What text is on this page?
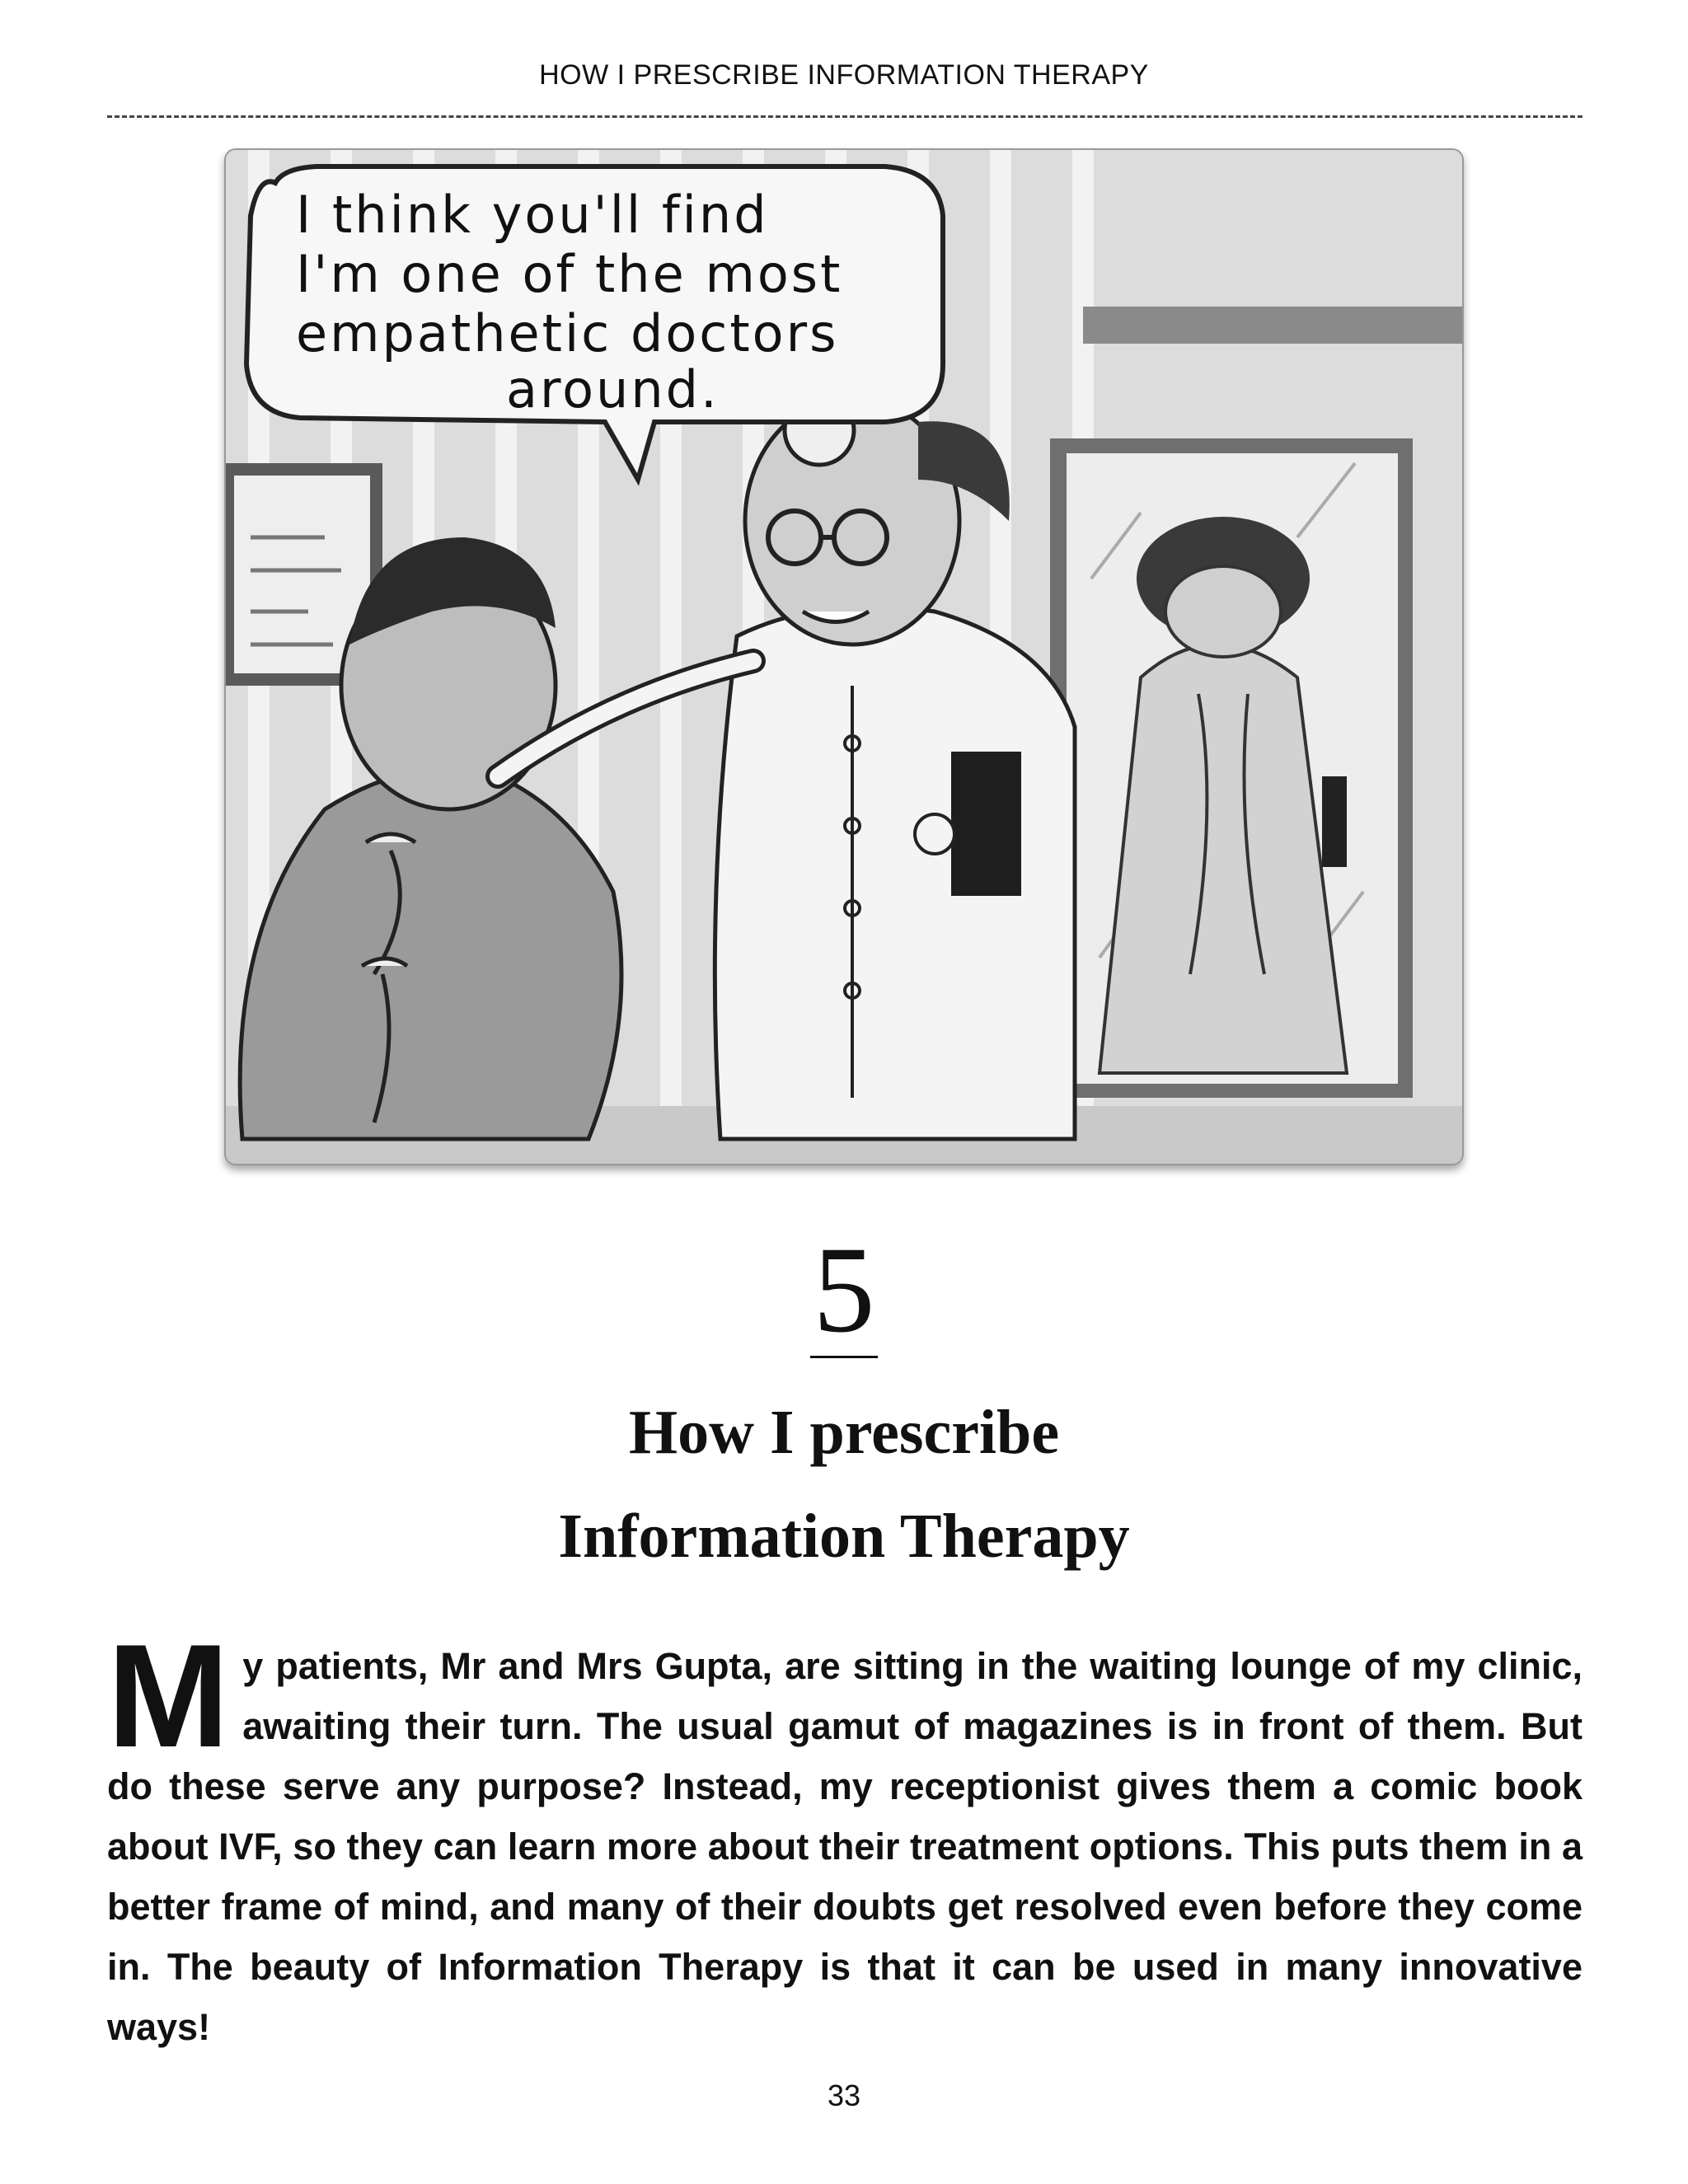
HOW I PRESCRIBE INFORMATION THERAPY
I think you'll find
I'm one of the most
empathetic doctors
around.
5
How I prescribe
Information Therapy

My patients, Mr and Mrs Gupta, are sitting in the waiting lounge of my clinic, awaiting their turn. The usual gamut of magazines is in front of them. But do these serve any purpose? Instead, my receptionist gives them a comic book about IVF, so they can learn more about their treatment options. This puts them in a better frame of mind, and many of their doubts get resolved even before they come in. The beauty of Information Therapy is that it can be used in many innovative ways!

33
